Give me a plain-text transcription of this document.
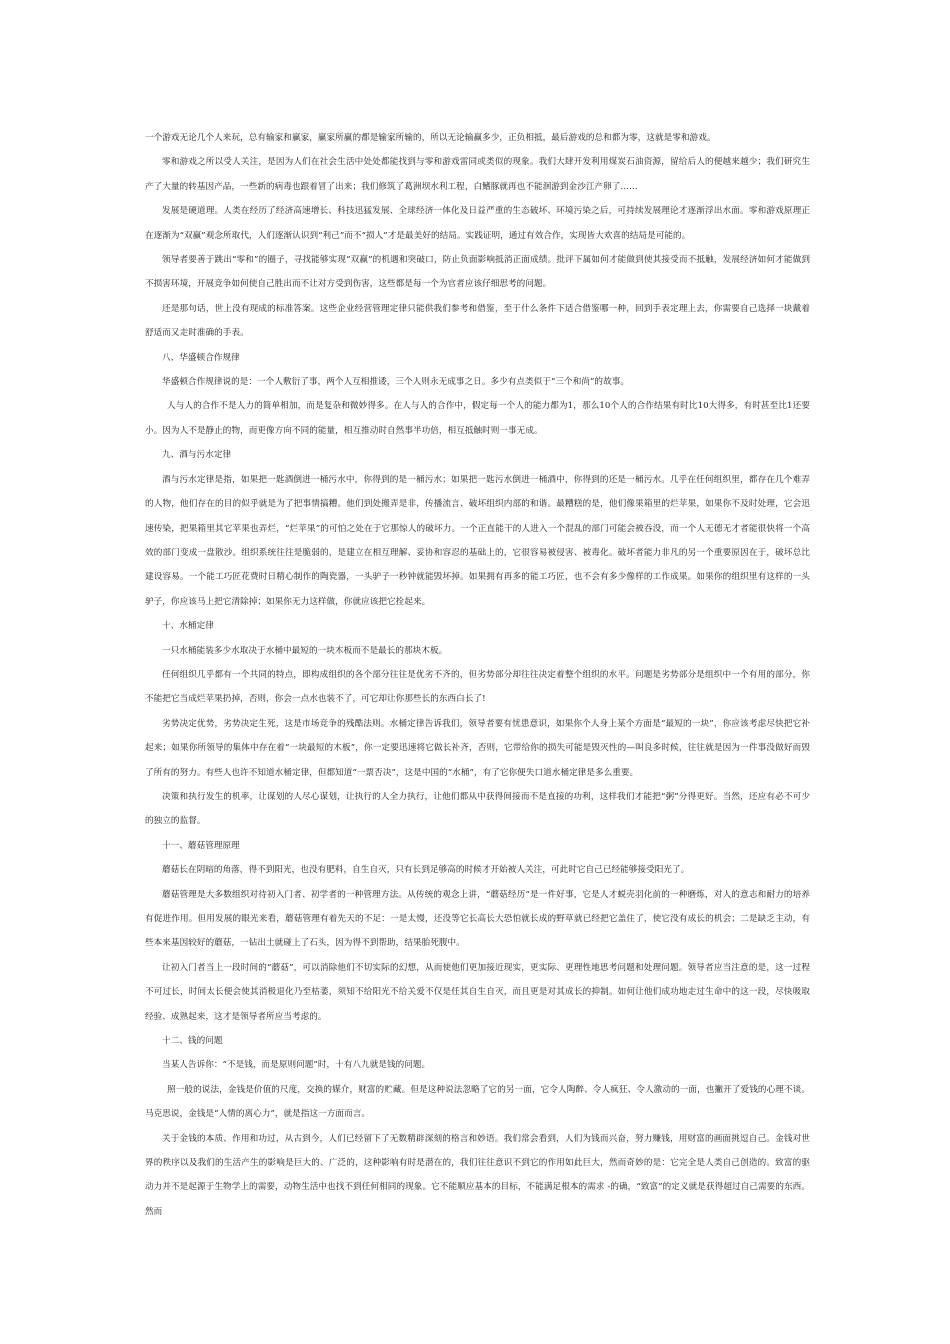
一个游戏无论几个人来玩，总有输家和赢家，赢家所赢的都是输家所输的，所以无论输赢多少，正负相抵，最后游戏的总和都为零，这就是零和游戏。

零和游戏之所以受人关注，是因为人们在社会生活中处处都能找到与零和游戏雷同或类似的现象。我们大肆开发利用煤炭石油资源，留给后人的便越来越少；我们研究生产了大量的转基因产品，一些新的病毒也跟着冒了出来；我们修筑了葛洲坝水利工程，白鳍豚就再也不能洄游到金沙江产卵了……

发展是硬道理。人类在经历了经济高速增长、科技迅猛发展、全球经济一体化及日益严重的生态破坏、环境污染之后，可持续发展理论才逐渐浮出水面。零和游戏原理正在逐渐为“双赢”观念所取代，人们逐渐认识到“利己”而不“损人”才是最美好的结局。实践证明，通过有效合作，实现皆大欢喜的结局是可能的。

领导者要善于跳出“零和”的圈子，寻找能够实现“双赢”的机遇和突破口，防止负面影响抵消正面成绩。批评下属如何才能做到使其接受而不抵触，发展经济如何才能做到不损害环境，开展竞争如何使自己胜出而不让对方受到伤害，这些都是每一个为官者应该仔细思考的问题。

还是那句话，世上没有现成的标准答案。这些企业经营管理定律只能供我们参考和借鉴，至于什么条件下适合借鉴哪一种，回到手表定理上去，你需要自己选择一块戴着舒适而又走时准确的手表。

八、华盛顿合作规律

华盛顿合作规律说的是：一个人敷衍了事，两个人互相推诿，三个人则永无成事之日。多少有点类似于“三个和尚”的故事。

人与人的合作不是人力的简单相加，而是复杂和微妙得多。在人与人的合作中，假定每一个人的能力都为1，那么10个人的合作结果有时比10大得多，有时甚至比1还要小。因为人不是静止的物，而更像方向不同的能量，相互推动时自然事半功倍，相互抵触时则一事无成。

九、酒与污水定律

酒与污水定律是指，如果把一匙酒倒进一桶污水中，你得到的是一桶污水；如果把一匙污水倒进一桶酒中，你得到的还是一桶污水。几乎在任何组织里，都存在几个难弄的人物，他们存在的目的似乎就是为了把事情搞糟。他们到处搬弄是非，传播流言、破坏组织内部的和谐。最糟糕的是，他们像果箱里的烂苹果，如果你不及时处理，它会迅速传染，把果箱里其它苹果也弄烂，“烂苹果”的可怕之处在于它那惊人的破坏力。一个正直能干的人进入一个混乱的部门可能会被吞没，而一个人无德无才者能很快将一个高效的部门变成一盘散沙。组织系统往往是脆弱的，是建立在相互理解、妥协和容忍的基础上的，它很容易被侵害、被毒化。破坏者能力非凡的另一个重要原因在于，破坏总比建设容易。一个能工巧匠花费时日精心制作的陶瓷器，一头驴子一秒钟就能毁坏掉。如果拥有再多的能工巧匠，也不会有多少像样的工作成果。如果你的组织里有这样的一头驴子，你应该马上把它清除掉；如果你无力这样做，你就应该把它拴起来。

十、水桶定律

一只水桶能装多少水取决于水桶中最短的一块木板而不是最长的那块木板。

任何组织几乎都有一个共同的特点，即构成组织的各个部分往往是优劣不齐的，但劣势部分却往往决定着整个组织的水平。问题是劣势部分是组织中一个有用的部分，你不能把它当成烂苹果扔掉，否则，你会一点水也装不了，可它却让你那些长的东西白长了!

劣势决定优势，劣势决定生死，这是市场竞争的残酷法则。水桶定律告诉我们，领导者要有忧患意识，如果你个人身上某个方面是“最短的一块”，你应该考虑尽快把它补起来；如果你所领导的集体中存在着“一块最短的木板”，你一定要迅速将它做长补齐，否则，它带给你的损失可能是毁灭性的—叫良多时候，往往就是因为一件事没做好而毁了所有的努力。有些人也许不知道水桶定律，但都知道“一票否决”，这是中国的“水桶”，有了它你便失口道水桶定律是多么重要。

决策和执行发生的机率，让谋划的人尽心谋划，让执行的人全力执行，让他们都从中获得间接而不是直接的功利，这样我们才能把“粥”分得更好。当然，还应有必不可少的独立的监督。

十一、蘑菇管理原理

蘑菇长在阴暗的角落，得不到阳光，也没有肥料，自生自灭，只有长到足够高的时候才开始被人关注，可此时它自己已经能够接受阳光了。

蘑菇管理是大多数组织对待初入门者、初学者的一种管理方法。从传统的观念上讲，“蘑菇经历”是一件好事，它是人才蜕壳羽化前的一种磨炼，对人的意志和耐力的培养有促进作用。但用发展的眼光来看，蘑菇管理有着先天的不足：一是太慢，还没等它长高长大恐怕就长成的野草就已经把它盖住了，使它没有成长的机会；二是缺乏主动，有些本来基因较好的蘑菇，一钻出土就碰上了石头，因为得不到帮助，结果胎死腹中。

让初入门者当上一段时间的“蘑菇”，可以消除他们不切实际的幻想，从而使他们更加接近现实，更实际、更理性地思考问题和处理问题。领导者应当注意的是，这一过程不可过长，时间太长便会使其消极退化乃至枯萎，须知不给阳光不给关爱不仅是任其自生自灭，而且更是对其成长的抑制。如何让他们成功地走过生命中的这一段，尽快吸取经验、成熟起来，这才是领导者所应当考虑的。

十二、钱的问题

当某人告诉你：“不是钱，而是原则问题”时，十有八九就是钱的问题。

照一般的说法，金钱是价值的尺度，交换的媒介，财富的贮藏。但是这种说法忽略了它的另一面，它令人陶醉、令人疯狂、令人激动的一面，也撇开了爱钱的心理不谈。马克思说，金钱是“人情的离心力”，就是指这一方面而言。

关于金钱的本质、作用和功过，从古到今，人们已经留下了无数精辟深刻的格言和妙语。我们常会看到，人们为钱而兴奋，努力赚钱，用财富的画面挑逗自己。金钱对世界的秩序以及我们的生活产生的影响是巨大的、广泛的，这种影响有时是潜在的，我们往往意识不到它的作用如此巨大，然而奇妙的是：它完全是人类自己创造的。致富的驱动力并不是起源于生物学上的需要，动物生活中也找不到任何相同的现象。它不能顺应基本的目标，不能满足根本的需求 -的确，“致富”的定义就是获得超过自己需要的东西。然而
